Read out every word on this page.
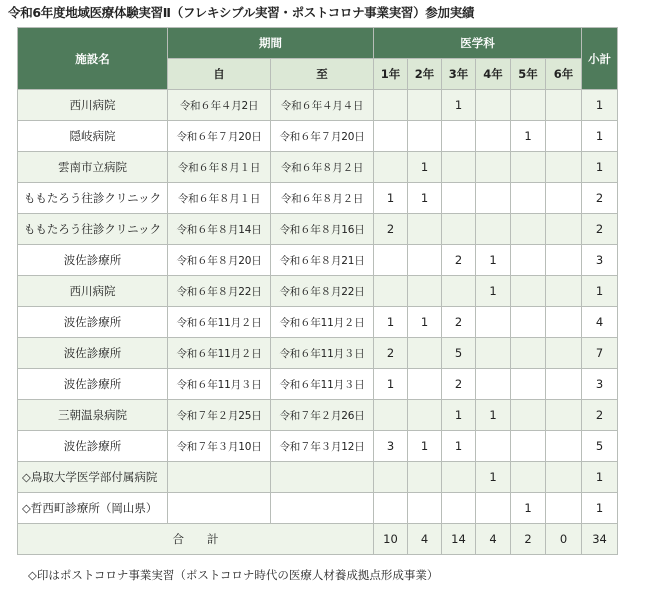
令和6年度地域医療体験実習Ⅱ（フレキシブル実習・ポストコロナ事業実習）参加実績
施設名	期間		医学科						小計
	自	至	1年	2年	3年	4年	5年	6年	
西川病院	令和６年４月2日	令和６年４月４日			1				1
隠岐病院	令和６年７月20日	令和６年７月20日					1		1
雲南市立病院	令和６年８月１日	令和６年８月２日		1					1
ももたろう往診クリニック	令和６年８月１日	令和６年８月２日	1	1					2
ももたろう往診クリニック	令和６年８月14日	令和６年８月16日	2						2
波佐診療所	令和６年８月20日	令和６年８月21日			2	1			3
西川病院	令和６年８月22日	令和６年８月22日				1			1
波佐診療所	令和６年11月２日	令和６年11月２日	1	1	2				4
波佐診療所	令和６年11月２日	令和６年11月３日	2		5				7
波佐診療所	令和６年11月３日	令和６年11月３日	1		2				3
三朝温泉病院	令和７年２月25日	令和７年２月26日			1	1			2
波佐診療所	令和７年３月10日	令和７年３月12日	3	1	1				5
◇鳥取大学医学部付属病院						1			1
◇哲西町診療所（岡山県）							1		1
合　　計			10	4	14	4	2	0	34
◇印はポストコロナ事業実習（ポストコロナ時代の医療人材養成拠点形成事業）
